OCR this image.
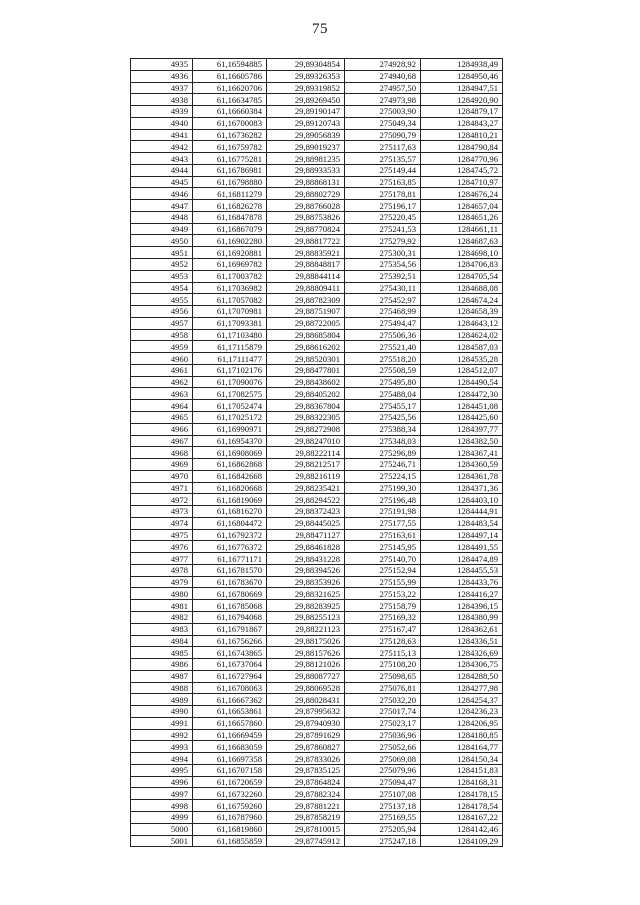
75
4935	61,16594885	29,89304854	274928,92	1284938,49
4936	61,16605786	29,89326353	274940,68	1284950,46
4937	61,16620706	29,89319852	274957,50	1284947,51
4938	61,16634785	29,89269450	274973,98	1284920,90
4939	61,16660384	29,89190147	275003,90	1284879,17
4940	61,16700083	29,89120743	275049,34	1284843,27
4941	61,16736282	29,89056839	275090,79	1284810,21
4942	61,16759782	29,89019237	275117,63	1284790,84
4943	61,16775281	29,88981235	275135,57	1284770,96
4944	61,16786981	29,88933533	275149,44	1284745,72
4945	61,16798880	29,88868131	275163,85	1284710,97
4946	61,16811279	29,88802729	275178,81	1284676,24
4947	61,16826278	29,88766028	275196,17	1284657,04
4948	61,16847878	29,88753826	275220,45	1284651,26
4949	61,16867079	29,88770824	275241,53	1284661,11
4950	61,16902280	29,88817722	275279,92	1284687,63
4951	61,16920881	29,88835921	275300,31	1284698,10
4952	61,16969782	29,88848817	275354,56	1284706,83
4953	61,17003782	29,88844114	275392,51	1284705,54
4954	61,17036982	29,88809411	275430,11	1284688,08
4955	61,17057082	29,88782309	275452,97	1284674,24
4956	61,17070981	29,88751907	275468,99	1284658,39
4957	61,17093381	29,88722005	275494,47	1284643,12
4958	61,17103480	29,88685804	275506,36	1284624,02
4959	61,17115879	29,88616202	275521,40	1284587,03
4960	61,17111477	29,88520301	275518,20	1284535,28
4961	61,17102176	29,88477801	275508,59	1284512,07
4962	61,17090076	29,88438602	275495,80	1284490,54
4963	61,17082575	29,88405202	275488,04	1284472,30
4964	61,17052474	29,88367804	275455,17	1284451,08
4965	61,17025172	29,88322305	275425,56	1284425,60
4966	61,16990971	29,88272908	275388,34	1284397,77
4967	61,16954370	29,88247010	275348,03	1284382,50
4968	61,16908069	29,88222114	275296,89	1284367,41
4969	61,16862868	29,88212517	275246,71	1284360,59
4970	61,16842668	29,88216119	275224,15	1284361,78
4971	61,16820668	29,88235421	275199,30	1284371,36
4972	61,16819069	29,88294522	275196,48	1284403,10
4973	61,16816270	29,88372423	275191,98	1284444,91
4974	61,16804472	29,88445025	275177,55	1284483,54
4975	61,16792372	29,88471127	275163,61	1284497,14
4976	61,16776372	29,88461828	275145,95	1284491,55
4977	61,16771171	29,88431228	275140,70	1284474,89
4978	61,16781570	29,88394526	275152,94	1284455,53
4979	61,16783670	29,88353926	275155,99	1284433,76
4980	61,16780669	29,88321625	275153,22	1284416,27
4981	61,16785068	29,88283925	275158,79	1284396,15
4982	61,16794068	29,88255123	275169,32	1284380,99
4983	61,16791867	29,88221123	275167,47	1284362,61
4984	61,16756266	29,88175026	275128,63	1284336,51
4985	61,16743865	29,88157626	275115,13	1284326,69
4986	61,16737064	29,88121026	275108,20	1284306,75
4987	61,16727964	29,88087727	275098,65	1284288,50
4988	61,16708063	29,88069528	275076,81	1284277,98
4989	61,16667362	29,88028431	275032,20	1284254,37
4990	61,16653861	29,87995632	275017,74	1284236,23
4991	61,16657860	29,87940930	275023,17	1284206,95
4992	61,16669459	29,87891629	275036,96	1284180,85
4993	61,16683059	29,87860827	275052,66	1284164,77
4994	61,16697358	29,87833026	275069,08	1284150,34
4995	61,16707158	29,87835125	275079,96	1284151,83
4996	61,16720659	29,87864824	275094,47	1284168,31
4997	61,16732260	29,87882324	275107,08	1284178,15
4998	61,16759260	29,87881221	275137,18	1284178,54
4999	61,16787960	29,87858219	275169,55	1284167,22
5000	61,16819860	29,87810015	275205,94	1284142,46
5001	61,16855859	29,87745912	275247,18	1284109,29
